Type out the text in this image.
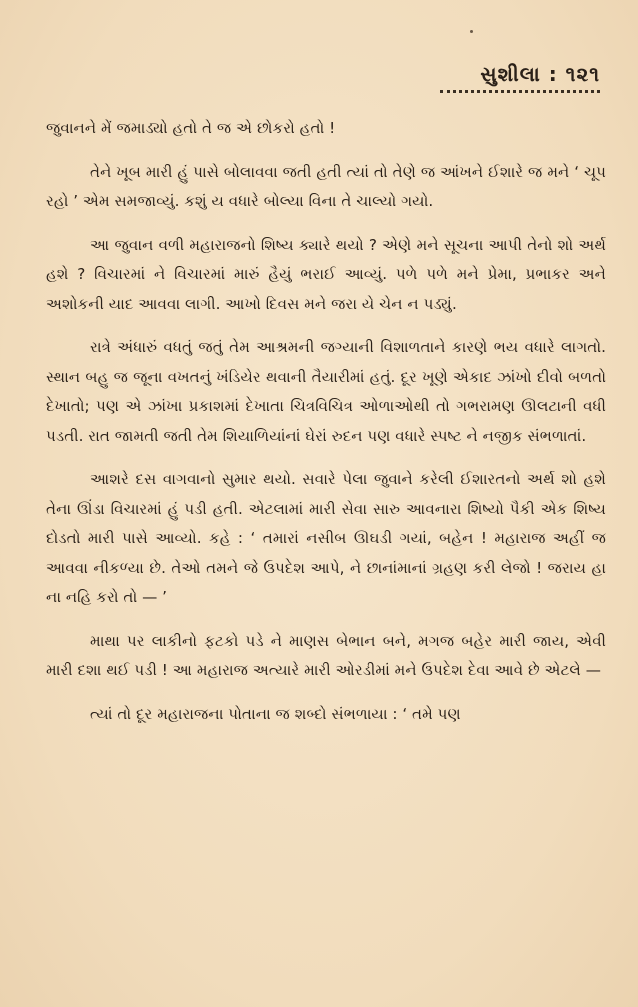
સુશીલા : ૧૨૧

જુવાનને મેં જમાડ્યો હતો તે જ એ છોકરો હતો !

તેને ખૂબ મારી હું પાસે બોલાવવા જતી હતી ત્યાં તો તેણે જ આંખને ઈશારે જ મને ‘ ચૂપ રહો ’ એમ સમજાવ્યું. કશું ય વધારે બોલ્યા વિના તે ચાલ્યો ગયો.

આ જુવાન વળી મહારાજનો શિષ્ય ક્યારે થયો ? એણે મને સૂચના આપી તેનો શો અર્થ હશે ? વિચારમાં ને વિચારમાં મારું હૈયું ભરાઈ આવ્યું. પળે પળે મને પ્રેમા, પ્રભાકર અને અશોકની યાદ આવવા લાગી. આખો દિવસ મને જરા યે ચેન ન પડ્યું.

રાત્રે અંધારું વધતું જતું તેમ આશ્રમની જગ્યાની વિશાળતાને કારણે ભય વધારે લાગતો. સ્થાન બહુ જ જૂના વખતનું ખંડિયેર થવાની તૈયારીમાં હતું. દૂર ખૂણે એકાદ ઝાંખો દીવો બળતો દેખાતો; પણ એ ઝાંખા પ્રકાશમાં દેખાતા ચિત્રવિચિત્ર ઓળાઓથી તો ગભરામણ ઊલટાની વધી પડતી. રાત જામતી જતી તેમ શિયાળિયાંનાં ઘેરાં રુદન પણ વધારે સ્પષ્ટ ને નજીક સંભળાતાં.

આશરે દસ વાગવાનો સુમાર થયો. સવારે પેલા જુવાને કરેલી ઈશારતનો અર્થ શો હશે તેના ઊંડા વિચારમાં હું પડી હતી. એટલામાં મારી સેવા સારુ આવનારા શિષ્યો પૈકી એક શિષ્ય દોડતો મારી પાસે આવ્યો. કહે : ‘ તમારાં નસીબ ઊઘડી ગયાં, બહેન ! મહારાજ અહીં જ આવવા નીકળ્યા છે. તેઓ તમને જે ઉપદેશ આપે, ને છાનાંમાનાં ગ્રહણ કરી લેજો ! જરાય હા ના નહિ કરો તો — ’

માથા પર લાકીનો ફટકો પડે ને માણસ બેભાન બને, મગજ બહેર મારી જાય, એવી મારી દશા થઈ પડી ! આ મહારાજ અત્યારે મારી ઓરડીમાં મને ઉપદેશ દેવા આવે છે એટલે —

ત્યાં તો દૂર મહારાજના પોતાના જ શબ્દો સંભળાયા : ‘ તમે પણ
